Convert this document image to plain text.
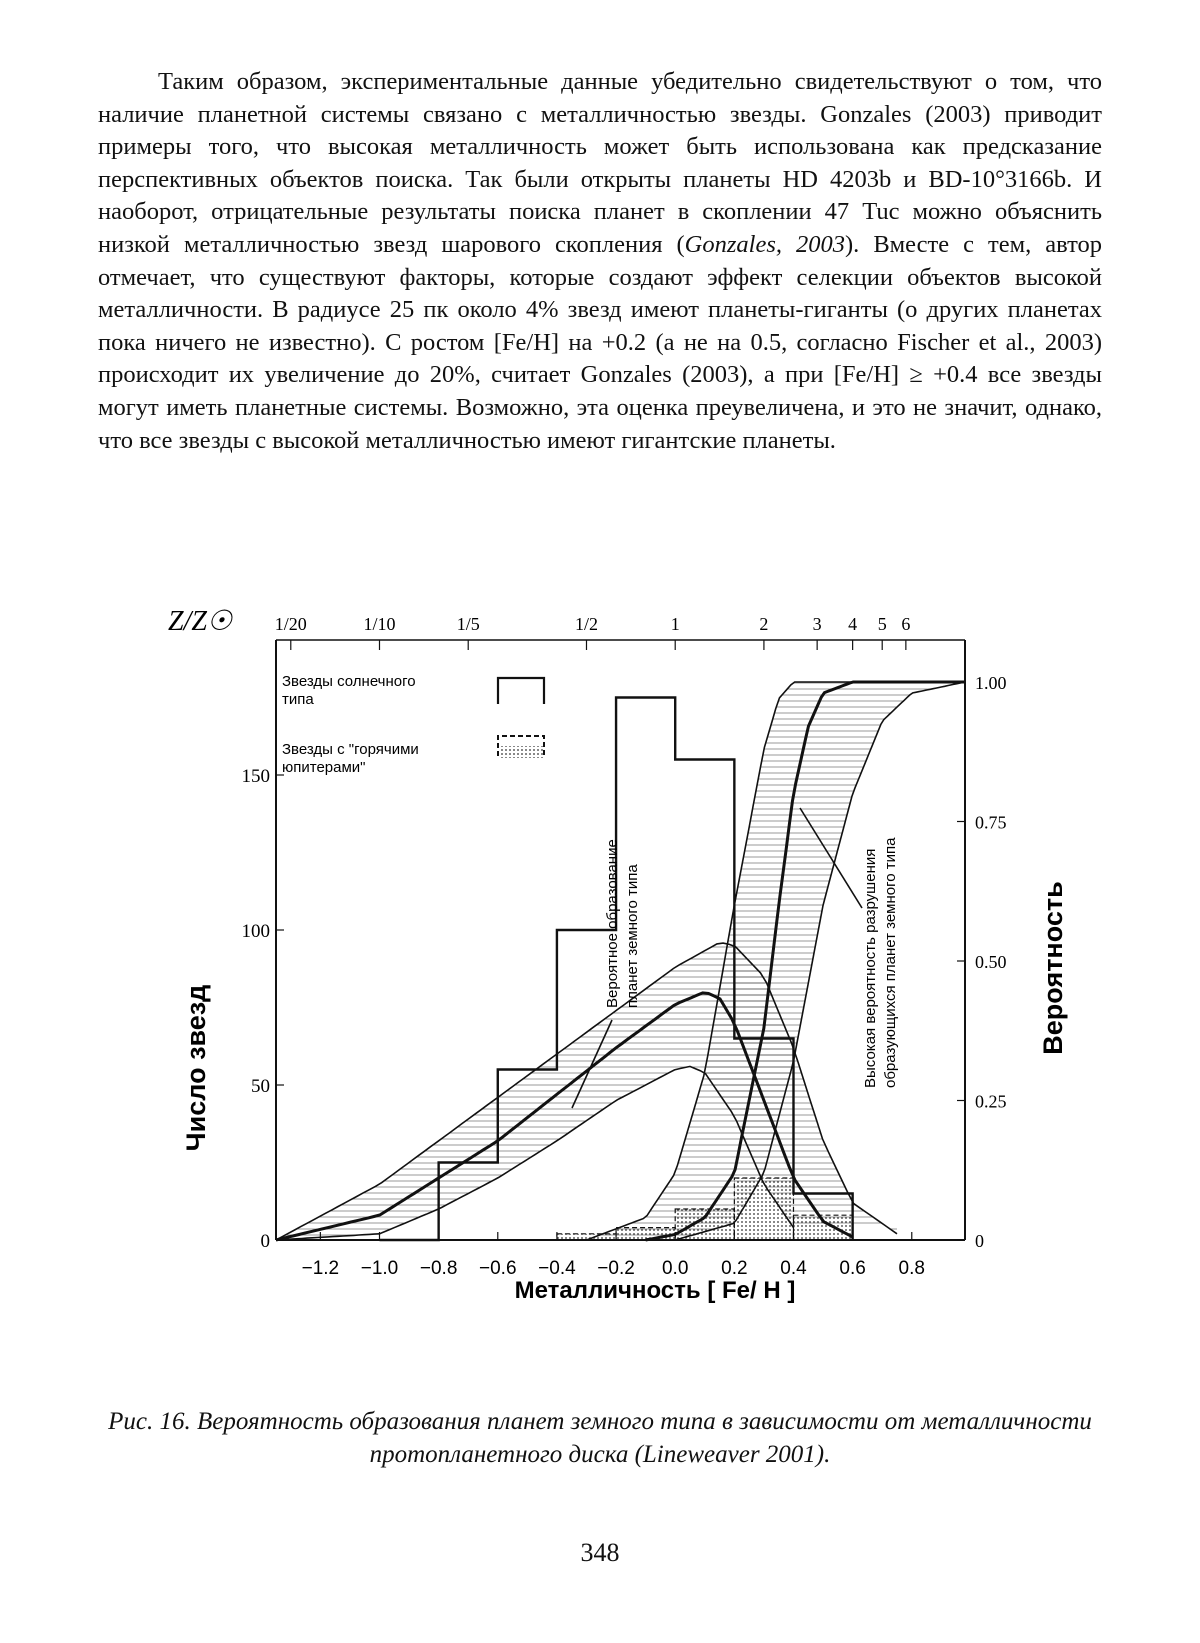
Таким образом, экспериментальные данные убедительно свидетельствуют о том, что наличие планетной системы связано с металличностью звезды. Gonzales (2003) приводит примеры того, что высокая металличность может быть использована как предсказание перспективных объектов поиска. Так были открыты планеты HD 4203b и BD-10°3166b. И наоборот, отрицательные результаты поиска планет в скоплении 47 Tuc можно объяснить низкой металличностью звезд шарового скопления (Gonzales, 2003). Вместе с тем, автор отмечает, что существуют факторы, которые создают эффект селекции объектов высокой металличности. В радиусе 25 пк около 4% звезд имеют планеты-гиганты (о других планетах пока ничего не известно). С ростом [Fe/H] на +0.2 (а не на 0.5, согласно Fischer et al., 2003) происходит их увеличение до 20%, считает Gonzales (2003), а при [Fe/H] ≥ +0.4 все звезды могут иметь планетные системы. Возможно, эта оценка преувеличена, и это не значит, однако, что все звезды с высокой металличностью имеют гигантские планеты.

−1.2 −1.0 −0.8 −0.6 −0.4 −0.2 0.0 0.2 0.4 0.6 0.8
0
50
100
150
0
0.25
0.50
0.75
1.00
1/20	1/10	1/5	1/2	1	2 3 4 5 6
Звезды солнечного
типа
Звезды с "горячими
юпитерами"
Вероятное образование планет земного типа	Высокая вероятность разрушения образующихся планет земного типа
Число звезд
Вероятность
Металличность [ Fe/ H ]
Z/Z☉
Рис. 16. Вероятность образования планет земного типа в зависимости от металличности протопланетного диска (Lineweaver 2001).
348
